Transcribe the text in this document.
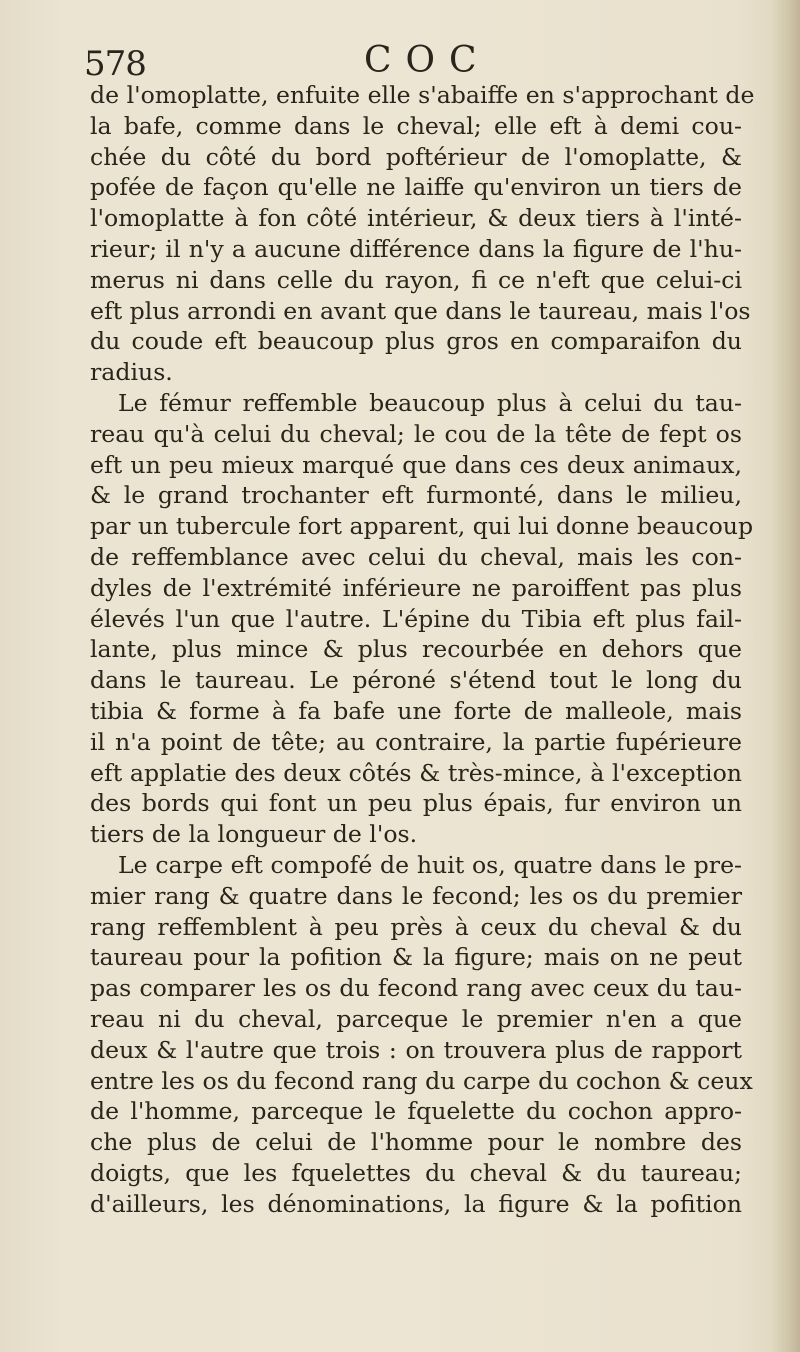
578	COC
de l'omoplatte, enfuite elle s'abaiffe en s'approchant de
la bafe, comme dans le cheval; elle eft à demi cou-
chée du côté du bord poftérieur de l'omoplatte, &
pofée de façon qu'elle ne laiffe qu'environ un tiers de
l'omoplatte à fon côté intérieur, & deux tiers à l'inté-
rieur; il n'y a aucune différence dans la figure de l'hu-
merus ni dans celle du rayon, fi ce n'eft que celui-ci
eft plus arrondi en avant que dans le taureau, mais l'os
du coude eft beaucoup plus gros en comparaifon du
radius.
Le fémur reffemble beaucoup plus à celui du tau-
reau qu'à celui du cheval; le cou de la tête de fept os
eft un peu mieux marqué que dans ces deux animaux,
& le grand trochanter eft furmonté, dans le milieu,
par un tubercule fort apparent, qui lui donne beaucoup
de reffemblance avec celui du cheval, mais les con-
dyles de l'extrémité inférieure ne paroiffent pas plus
élevés l'un que l'autre. L'épine du Tibia eft plus fail-
lante, plus mince & plus recourbée en dehors que
dans le taureau. Le péroné s'étend tout le long du
tibia & forme à fa bafe une forte de malleole, mais
il n'a point de tête; au contraire, la partie fupérieure
eft applatie des deux côtés & très-mince, à l'exception
des bords qui font un peu plus épais, fur environ un
tiers de la longueur de l'os.
Le carpe eft compofé de huit os, quatre dans le pre-
mier rang & quatre dans le fecond; les os du premier
rang reffemblent à peu près à ceux du cheval & du
taureau pour la pofition & la figure; mais on ne peut
pas comparer les os du fecond rang avec ceux du tau-
reau ni du cheval, parceque le premier n'en a que
deux & l'autre que trois : on trouvera plus de rapport
entre les os du fecond rang du carpe du cochon & ceux
de l'homme, parceque le fquelette du cochon appro-
che plus de celui de l'homme pour le nombre des
doigts, que les fquelettes du cheval & du taureau;
d'ailleurs, les dénominations, la figure & la pofition
